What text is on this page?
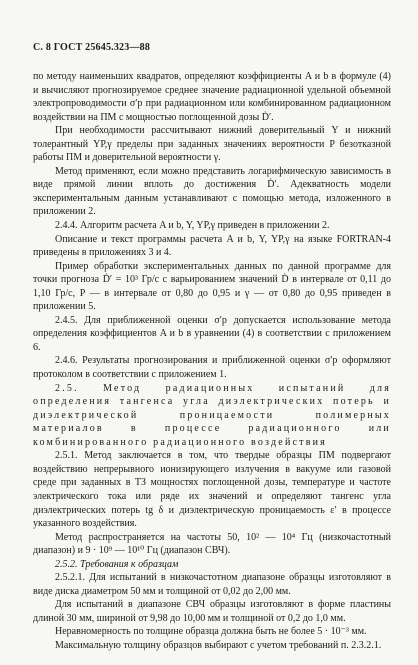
С. 8 ГОСТ 25645.323—88

по методу наименьших квадратов, определяют коэффициенты A и b в формуле (4) и вычисляют прогнозируемое среднее значение радиационной удельной объемной электропроводимости σ′p при радиационном или комбинированном радиационном воздействии на ПМ с мощностью поглощенной дозы Ḋ′.

При необходимости рассчитывают нижний доверительный Y и нижний толерантный YP,γ пределы при заданных значениях вероятности P безотказной работы ПМ и доверительной вероятности γ.

Метод применяют, если можно представить логарифмическую зависимость в виде прямой линии вплоть до достижения Ḋ′. Адекватность модели экспериментальным данным устанавливают с помощью метода, изложенного в приложении 2.

2.4.4. Алгоритм расчета A и b, Y, YP,γ приведен в приложении 2.

Описание и текст программы расчета A и b, Y, YP,γ на языке FORTRAN-4 приведены в приложениях 3 и 4.

Пример обработки экспериментальных данных по данной программе для точки прогноза Ḋ′ = 10³ Гр/с с варьированием значений Ḋ в интервале от 0,11 до 1,10 Гр/с, P — в интервале от 0,80 до 0,95 и γ — от 0,80 до 0,95 приведен в приложении 5.

2.4.5. Для приближенной оценки σ′p допускается использование метода определения коэффициентов A и b в уравнении (4) в соответствии с приложением 6.

2.4.6. Результаты прогнозирования и приближенной оценки σ′p оформляют протоколом в соответствии с приложением 1.

2.5. Метод радиационных испытаний для определения тангенса угла диэлектрических потерь и диэлектрической проницаемости полимерных материалов в процессе радиационного или комбинированного радиационного воздействия

2.5.1. Метод заключается в том, что твердые образцы ПМ подвергают воздействию непрерывного ионизирующего излучения в вакууме или газовой среде при заданных в ТЗ мощностях поглощенной дозы, температуре и частоте электрического тока или ряде их значений и определяют тангенс угла диэлектрических потерь tg δ и диэлектрическую проницаемость ε′ в процессе указанного воздействия.

Метод распространяется на частоты 50, 10² — 10⁴ Гц (низкочастотный диапазон) и 9 · 10⁹ — 10¹⁰ Гц (диапазон СВЧ).

2.5.2. Требования к образцам

2.5.2.1. Для испытаний в низкочастотном диапазоне образцы изготовляют в виде диска диаметром 50 мм и толщиной от 0,02 до 2,00 мм.

Для испытаний в диапазоне СВЧ образцы изготовляют в форме пластины длиной 30 мм, шириной от 9,98 до 10,00 мм и толщиной от 0,2 до 1,0 мм.

Неравномерность по толщине образца должна быть не более 5 · 10⁻³ мм.

Максимальную толщину образцов выбирают с учетом требований п. 2.3.2.1.
